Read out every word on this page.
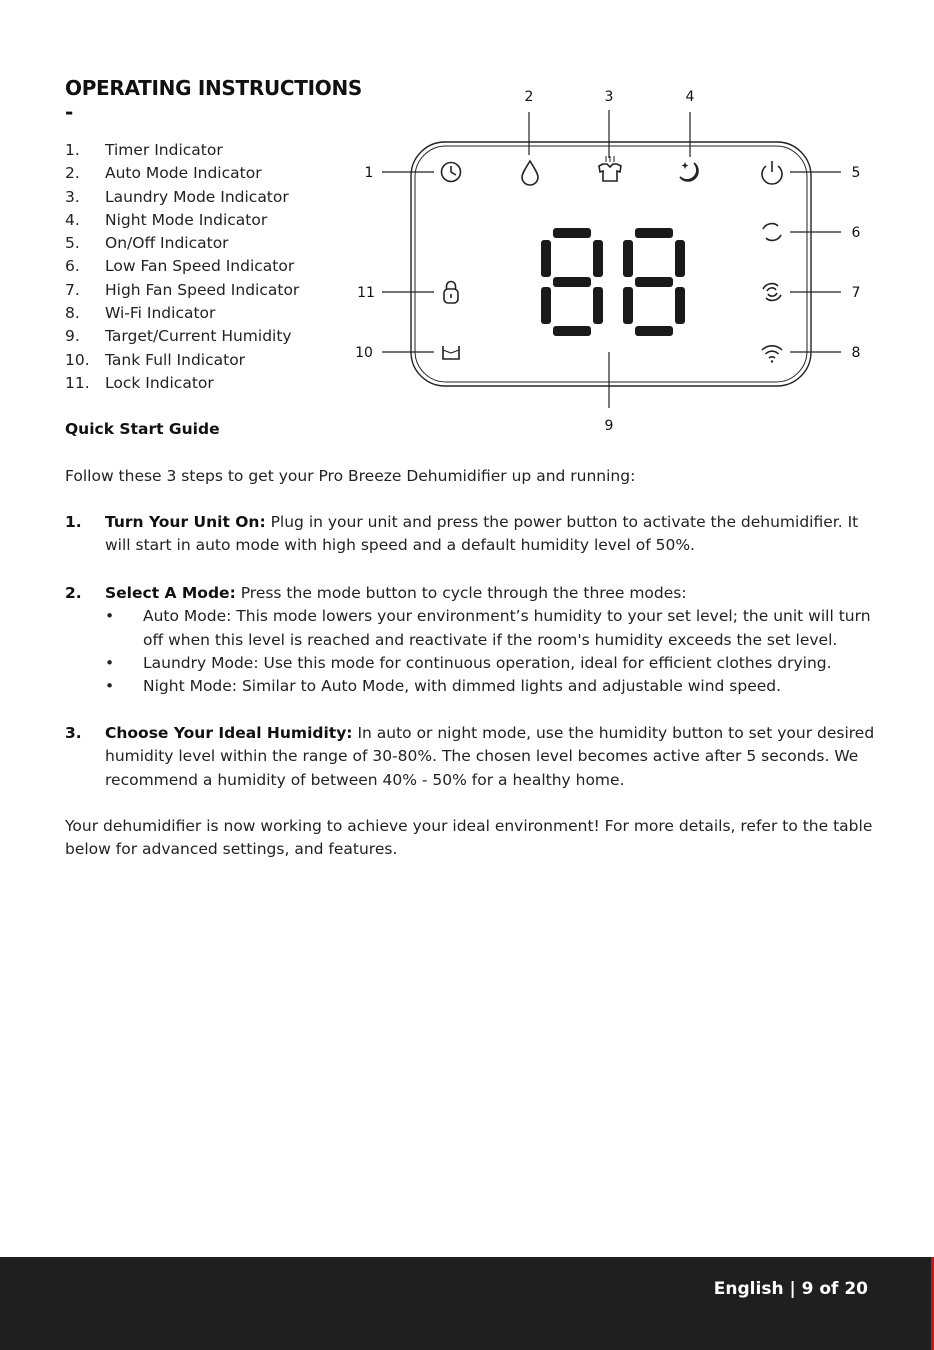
OPERATING INSTRUCTIONS
-
1.	Timer Indicator
2.	Auto Mode Indicator
3.	Laundry Mode Indicator
4.	Night Mode Indicator
5.	On/Off Indicator
6.	Low Fan Speed Indicator
7.	High Fan Speed Indicator
8.	Wi-Fi Indicator
9.	Target/Current Humidity
10. Tank Full Indicator
11. Lock Indicator
1
2	3	4
5
6
7
8
9
10
11
Quick Start Guide
Follow these 3 steps to get your Pro Breeze Dehumidifier up and running:
1. Turn Your Unit On: Plug in your unit and press the power button to activate the dehumidifier. It will start in auto mode with high speed and a default humidity level of 50%.
2. Select A Mode: Press the mode button to cycle through the three modes:
• Auto Mode: This mode lowers your environment’s humidity to your set level; the unit will turn off when this level is reached and reactivate if the room's humidity exceeds the set level.
• Laundry Mode: Use this mode for continuous operation, ideal for efficient clothes drying.
• Night Mode: Similar to Auto Mode, with dimmed lights and adjustable wind speed.
3. Choose Your Ideal Humidity: In auto or night mode, use the humidity button to set your desired humidity level within the range of 30-80%. The chosen level becomes active after 5 seconds. We recommend a humidity of between 40% - 50% for a healthy home.
Your dehumidifier is now working to achieve your ideal environment! For more details, refer to the table below for advanced settings, and features.
English | 9 of 20
